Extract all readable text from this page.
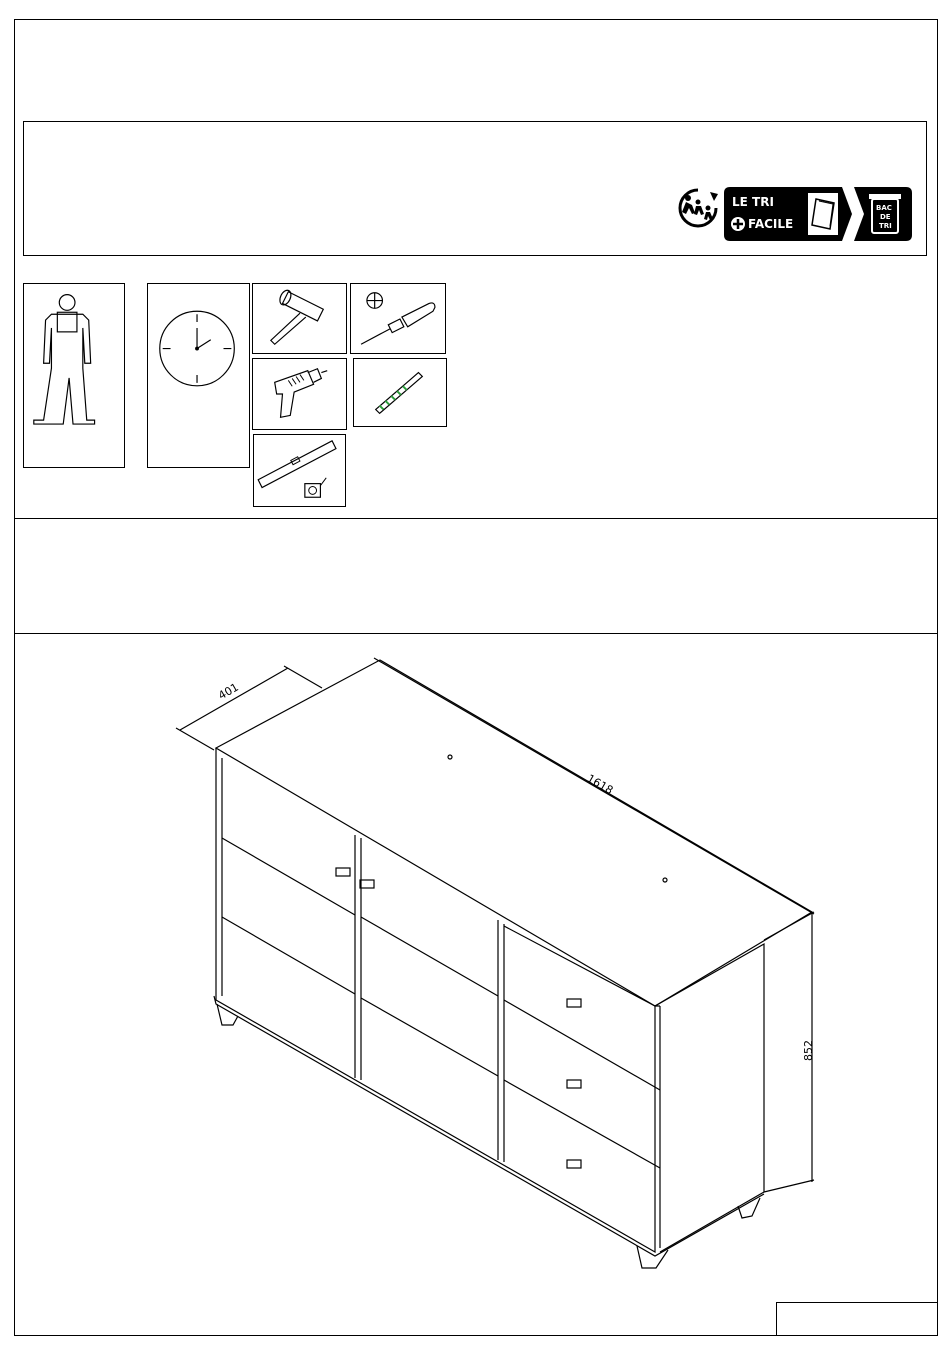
LE TRI
FACILE
BAC
DE
TRI
401
1618
852
